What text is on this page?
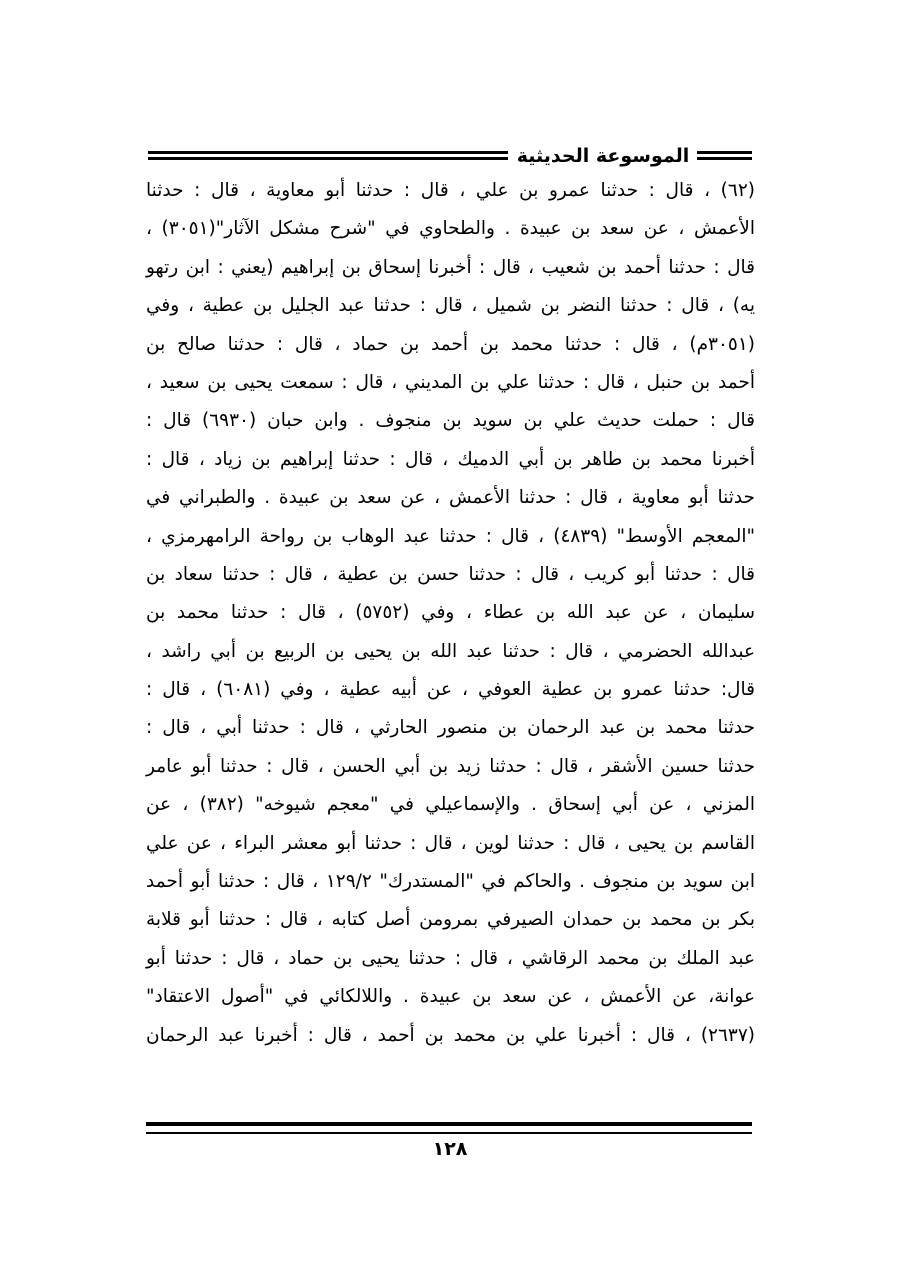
الموسوعة الحديثية
(٦٢) ، قال : حدثنا عمرو بن علي ، قال : حدثنا أبو معاوية ، قال : حدثنا
الأعمش ، عن سعد بن عبيدة . والطحاوي في "شرح مشكل الآثار"(٣٠٥١) ،
قال : حدثنا أحمد بن شعيب ، قال : أخبرنا إسحاق بن إبراهيم (يعني : ابن رتهو
يه) ، قال : حدثنا النضر بن شميل ، قال : حدثنا عبد الجليل بن عطية ، وفي
(٣٠٥١م) ، قال : حدثنا محمد بن أحمد بن حماد ، قال : حدثنا صالح بن
أحمد بن حنبل ، قال : حدثنا علي بن المديني ، قال : سمعت يحيى بن سعيد ،
قال : حملت حديث علي بن سويد بن منجوف . وابن حبان (٦٩٣٠) قال :
أخبرنا محمد بن طاهر بن أبي الدميك ، قال : حدثنا إبراهيم بن زياد ، قال :
حدثنا أبو معاوية ، قال : حدثنا الأعمش ، عن سعد بن عبيدة . والطبراني في
"المعجم الأوسط" (٤٨٣٩) ، قال : حدثنا عبد الوهاب بن رواحة الرامهرمزي ،
قال : حدثنا أبو كريب ، قال : حدثنا حسن بن عطية ، قال : حدثنا سعاد بن
سليمان ، عن عبد الله بن عطاء ، وفي (٥٧٥٢) ، قال : حدثنا محمد بن
عبدالله الحضرمي ، قال : حدثنا عبد الله بن يحيى بن الربيع بن أبي راشد ،
قال: حدثنا عمرو بن عطية العوفي ، عن أبيه عطية ، وفي (٦٠٨١) ، قال :
حدثنا محمد بن عبد الرحمان بن منصور الحارثي ، قال : حدثنا أبي ، قال :
حدثنا حسين الأشقر ، قال : حدثنا زيد بن أبي الحسن ، قال : حدثنا أبو عامر
المزني ، عن أبي إسحاق . والإسماعيلي في "معجم شيوخه" (٣٨٢) ، عن
القاسم بن يحيى ، قال : حدثنا لوين ، قال : حدثنا أبو معشر البراء ، عن علي
ابن سويد بن منجوف . والحاكم في "المستدرك" ١٢٩/٢ ، قال : حدثنا أبو أحمد
بكر بن محمد بن حمدان الصيرفي بمرومن أصل كتابه ، قال : حدثنا أبو قلابة
عبد الملك بن محمد الرقاشي ، قال : حدثنا يحيى بن حماد ، قال : حدثنا أبو
عوانة، عن الأعمش ، عن سعد بن عبيدة . واللالكائي في "أصول الاعتقاد"
(٢٦٣٧) ، قال : أخبرنا علي بن محمد بن أحمد ، قال : أخبرنا عبد الرحمان
١٢٨
